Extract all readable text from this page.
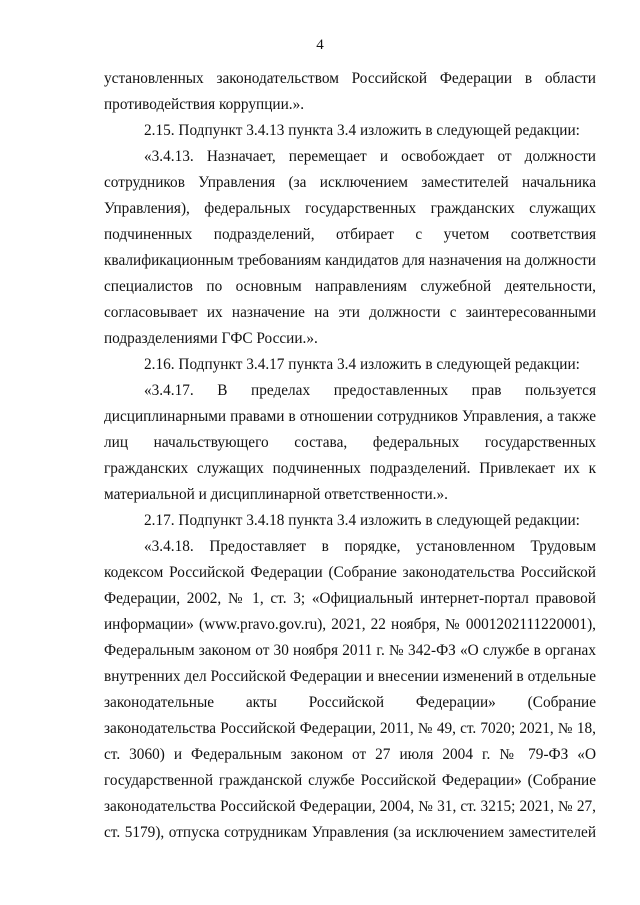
4

установленных законодательством Российской Федерации в области противодействия коррупции.».

2.15. Подпункт 3.4.13 пункта 3.4 изложить в следующей редакции:

«3.4.13. Назначает, перемещает и освобождает от должности сотрудников Управления (за исключением заместителей начальника Управления), федеральных государственных гражданских служащих подчиненных подразделений, отбирает с учетом соответствия квалификационным требованиям кандидатов для назначения на должности специалистов по основным направлениям служебной деятельности, согласовывает их назначение на эти должности с заинтересованными подразделениями ГФС России.».

2.16. Подпункт 3.4.17 пункта 3.4 изложить в следующей редакции:

«3.4.17. В пределах предоставленных прав пользуется дисциплинарными правами в отношении сотрудников Управления, а также лиц начальствующего состава, федеральных государственных гражданских служащих подчиненных подразделений. Привлекает их к материальной и дисциплинарной ответственности.».

2.17. Подпункт 3.4.18 пункта 3.4 изложить в следующей редакции:

«3.4.18. Предоставляет в порядке, установленном Трудовым кодексом Российской Федерации (Собрание законодательства Российской Федерации, 2002, № 1, ст. 3; «Официальный интернет-портал правовой информации» (www.pravo.gov.ru), 2021, 22 ноября, № 0001202111220001), Федеральным законом от 30 ноября 2011 г. № 342-ФЗ «О службе в органах внутренних дел Российской Федерации и внесении изменений в отдельные законодательные акты Российской Федерации» (Собрание законодательства Российской Федерации, 2011, № 49, ст. 7020; 2021, № 18, ст. 3060) и Федеральным законом от 27 июля 2004 г. № 79-ФЗ «О государственной гражданской службе Российской Федерации» (Собрание законодательства Российской Федерации, 2004, № 31, ст. 3215; 2021, № 27, ст. 5179), отпуска сотрудникам Управления (за исключением заместителей
